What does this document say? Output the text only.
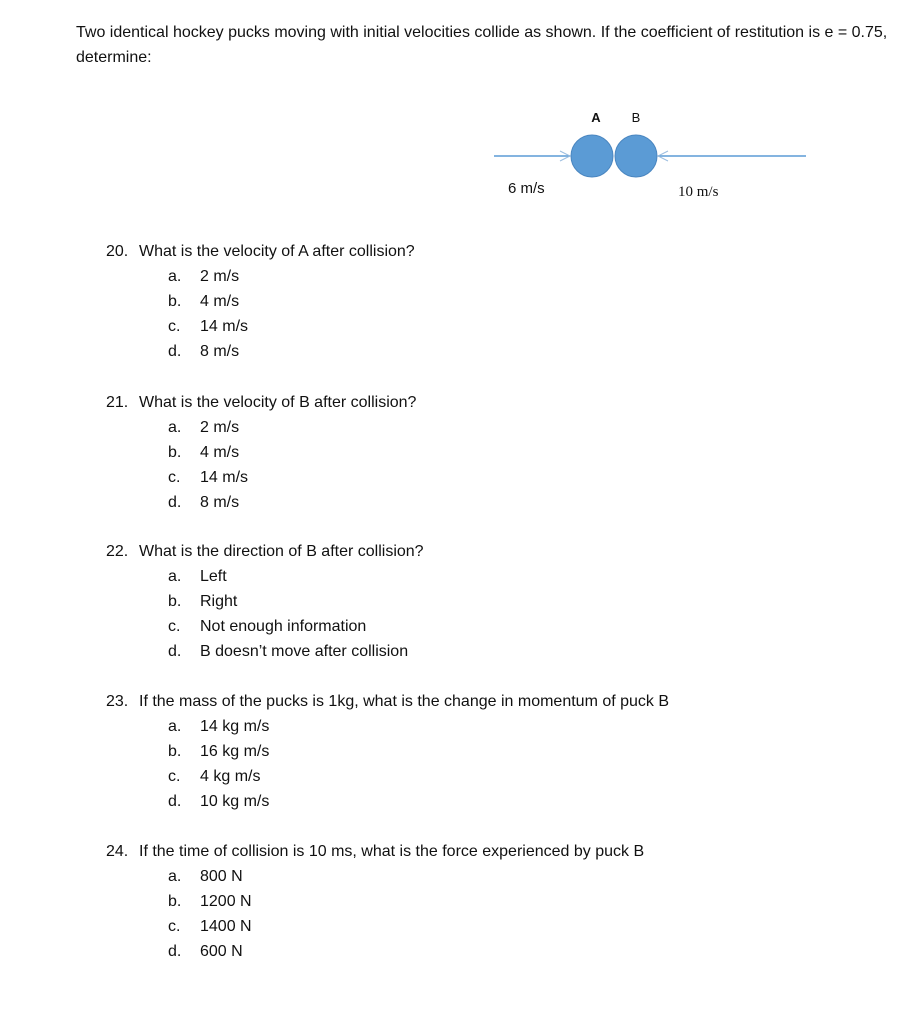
Two identical hockey pucks moving with initial velocities collide as shown. If the coefficient of restitution is e = 0.75, determine:
A B
6 m/s	10 m/s
20. What is the velocity of A after collision?
a. 2 m/s
b. 4 m/s
c. 14 m/s
d. 8 m/s
21. What is the velocity of B after collision?
a. 2 m/s
b. 4 m/s
c. 14 m/s
d. 8 m/s
22. What is the direction of B after collision?
a. Left
b. Right
c. Not enough information
d. B doesn’t move after collision
23. If the mass of the pucks is 1kg, what is the change in momentum of puck B
a. 14 kg m/s
b. 16 kg m/s
c. 4 kg m/s
d. 10 kg m/s
24. If the time of collision is 10 ms, what is the force experienced by puck B
a. 800 N
b. 1200 N
c. 1400 N
d. 600 N
